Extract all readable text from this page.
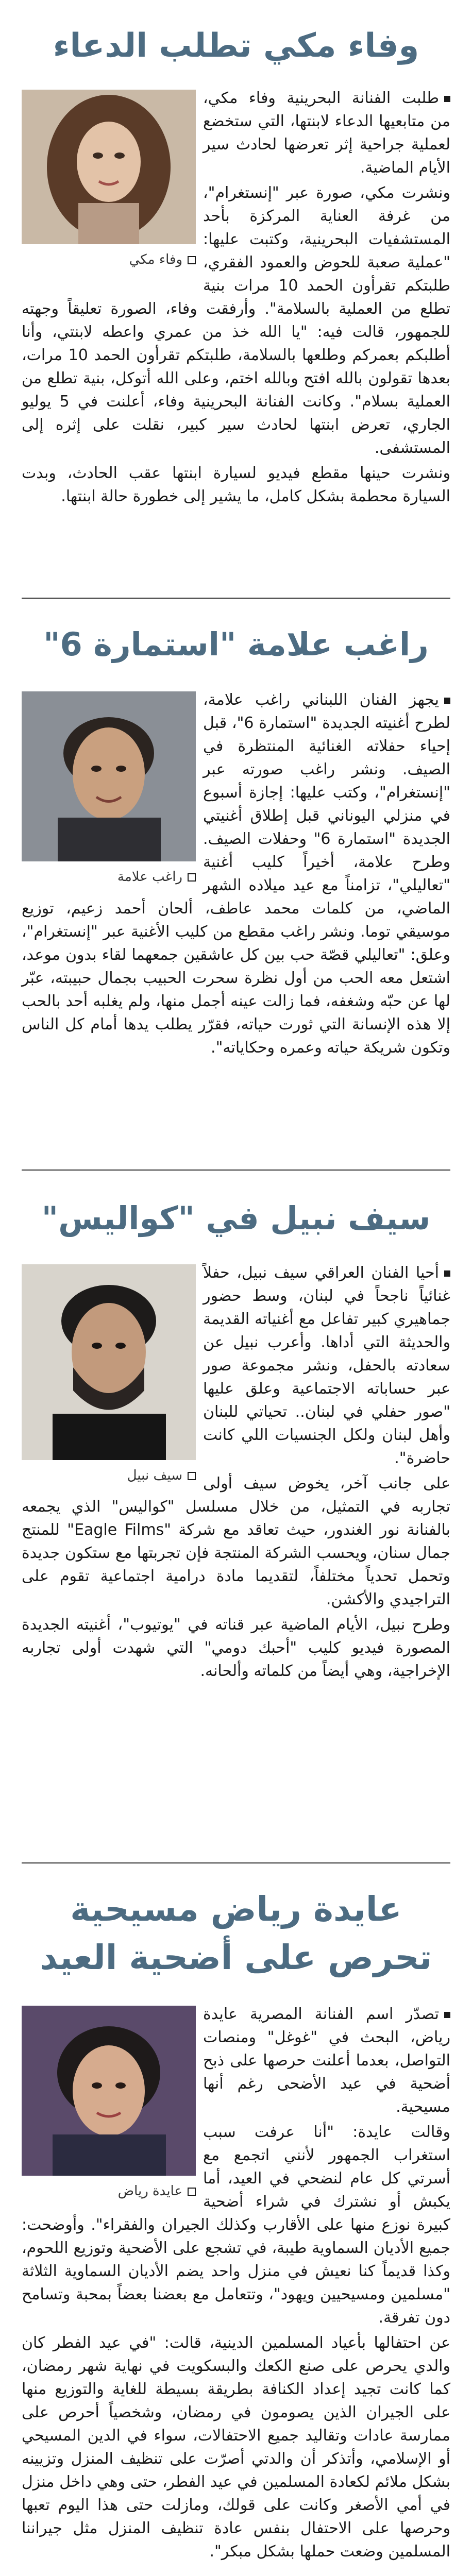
وفاء مكي تطلب الدعاء
وفاء مكي

طلبت الفنانة البحرينية وفاء مكي، من متابعيها الدعاء لابنتها، التي ستخضع لعملية جراحية إثر تعرضها لحادث سير الأيام الماضية.

ونشرت مكي، صورة عبر "إنستغرام"، من غرفة العناية المركزة بأحد المستشفيات البحرينية، وكتبت عليها: "عملية صعبة للحوض والعمود الفقري، طلبتكم تقرأون الحمد 10 مرات بنية تطلع من العملية بالسلامة". وأرفقت وفاء، الصورة تعليقاً وجهته للجمهور، قالت فيه: "يا الله خذ من عمري واعطه لابنتي، وأنا أطلبكم بعمركم وطلعها بالسلامة، طلبتكم تقرأون الحمد 10 مرات، بعدها تقولون بالله افتح وبالله اختم، وعلى الله أتوكل، بنية تطلع من العملية بسلام". وكانت الفنانة البحرينية وفاء، أعلنت في 5 يوليو الجاري، تعرض ابنتها لحادث سير كبير، نقلت على إثره إلى المستشفى.

ونشرت حينها مقطع فيديو لسيارة ابنتها عقب الحادث، وبدت السيارة محطمة بشكل كامل، ما يشير إلى خطورة حالة ابنتها.

راغب علامة "استمارة 6"
راغب علامة

يجهز الفنان اللبناني راغب علامة، لطرح أغنيته الجديدة "استمارة 6"، قبل إحياء حفلاته الغنائية المنتظرة في الصيف. ونشر راغب صورته عبر "إنستغرام"، وكتب عليها: إجازة أسبوع في منزلي اليوناني قبل إطلاق أغنيتي الجديدة "استمارة 6" وحفلات الصيف. وطرح علامة، أخيراً كليب أغنية "تعاليلي"، تزامناً مع عيد ميلاده الشهر الماضي، من كلمات محمد عاطف، ألحان أحمد زعيم، توزيع موسيقي توما. ونشر راغب مقطع من كليب الأغنية عبر "إنستغرام"، وعلق: "تعاليلي قصّة حب بين كل عاشقين جمعهما لقاء بدون موعد، اشتعل معه الحب من أول نظرة سحرت الحبيب بجمال حبيبته، عبّر لها عن حبّه وشغفه، فما زالت عينه أجمل منها، ولم يغلبه أحد بالحب إلا هذه الإنسانة التي ثورت حياته، فقرّر يطلب يدها أمام كل الناس وتكون شريكة حياته وعمره وحكاياته".

سيف نبيل في "كواليس"
سيف نبيل

أحيا الفنان العراقي سيف نبيل، حفلاً غنائياً ناجحاً في لبنان، وسط حضور جماهيري كبير تفاعل مع أغنياته القديمة والحديثة التي أداها. وأعرب نبيل عن سعادته بالحفل، ونشر مجموعة صور عبر حساباته الاجتماعية وعلق عليها "صور حفلي في لبنان.. تحياتي للبنان وأهل لبنان ولكل الجنسيات اللي كانت حاضرة".

على جانب آخر، يخوض سيف أولى تجاربه في التمثيل، من خلال مسلسل "كواليس" الذي يجمعه بالفنانة نور الغندور، حيث تعاقد مع شركة "Eagle Films" للمنتج جمال سنان، ويحسب الشركة المنتجة فإن تجربتها مع ستكون جديدة وتحمل تحدياً مختلفاً، لتقديما مادة درامية اجتماعية تقوم على التراجيدي والأكشن.

وطرح نبيل، الأيام الماضية عبر قناته في "يوتيوب"، أغنيته الجديدة المصورة فيديو كليب "أحبك دومي" التي شهدت أولى تجاربه الإخراجية، وهي أيضاً من كلماته وألحانه.

عايدة رياض مسيحية
تحرص على أضحية العيد
عايدة رياض

تصدّر اسم الفنانة المصرية عايدة رياض، البحث في "غوغل" ومنصات التواصل، بعدما أعلنت حرصها على ذبح أضحية في عيد الأضحى رغم أنها مسيحية.

وقالت عايدة: "أنا عرفت سبب استغراب الجمهور لأنني اتجمع مع أسرتي كل عام لنضحي في العيد، أما يكبش أو نشترك في شراء أضحية كبيرة نوزع منها على الأقارب وكذلك الجيران والفقراء". وأوضحت: جميع الأديان السماوية طيبة، في تشجع على الأضحية وتوزيع اللحوم، وكذا قديماً كنا نعيش في منزل واحد يضم الأديان السماوية الثلاثة "مسلمين ومسيحيين ويهود"، وتتعامل مع بعضنا بعضاً بمحبة وتسامح دون تفرقة.

عن احتفالها بأعياد المسلمين الدينية، قالت: "في عيد الفطر كان والدي يحرص على صنع الكعك والبسكويت في نهاية شهر رمضان، كما كانت تجيد إعداد الكنافة بطريقة بسيطة للغاية والتوزيع منها على الجيران الذين يصومون في رمضان، وشخصياً أحرص على ممارسة عادات وتقاليد جميع الاحتفالات، سواء في الدين المسيحي أو الإسلامي، وأتذكر أن والدتي أصرّت على تنظيف المنزل وتزيينه بشكل ملائم لكعادة المسلمين في عيد الفطر، حتى وهي داخل منزل في أمي الأصغر وكانت على قولك، ومازلت حتى هذا اليوم تعبها وحرصها على الاحتفال بنفس عادة تنظيف المنزل مثل جيراننا المسلمين وضعت حملها بشكل مبكر".
